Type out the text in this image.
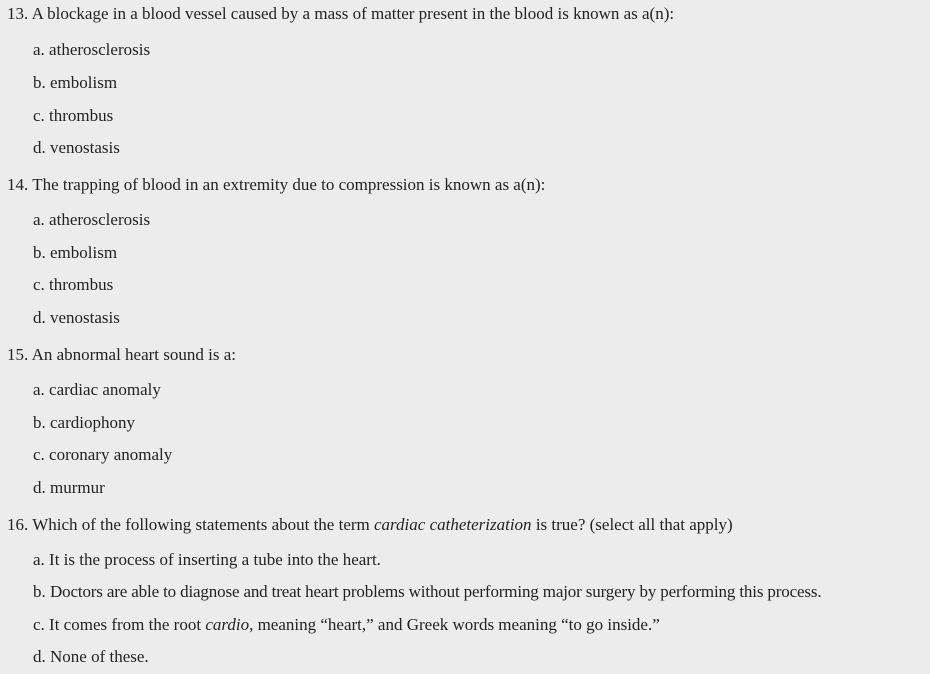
13. A blockage in a blood vessel caused by a mass of matter present in the blood is known as a(n):
a. atherosclerosis
b. embolism
c. thrombus
d. venostasis
14. The trapping of blood in an extremity due to compression is known as a(n):
a. atherosclerosis
b. embolism
c. thrombus
d. venostasis
15. An abnormal heart sound is a:
a. cardiac anomaly
b. cardiophony
c. coronary anomaly
d. murmur
16. Which of the following statements about the term cardiac catheterization is true? (select all that apply)
a. It is the process of inserting a tube into the heart.
b. Doctors are able to diagnose and treat heart problems without performing major surgery by performing this process.
c. It comes from the root cardio, meaning “heart,” and Greek words meaning “to go inside.”
d. None of these.
